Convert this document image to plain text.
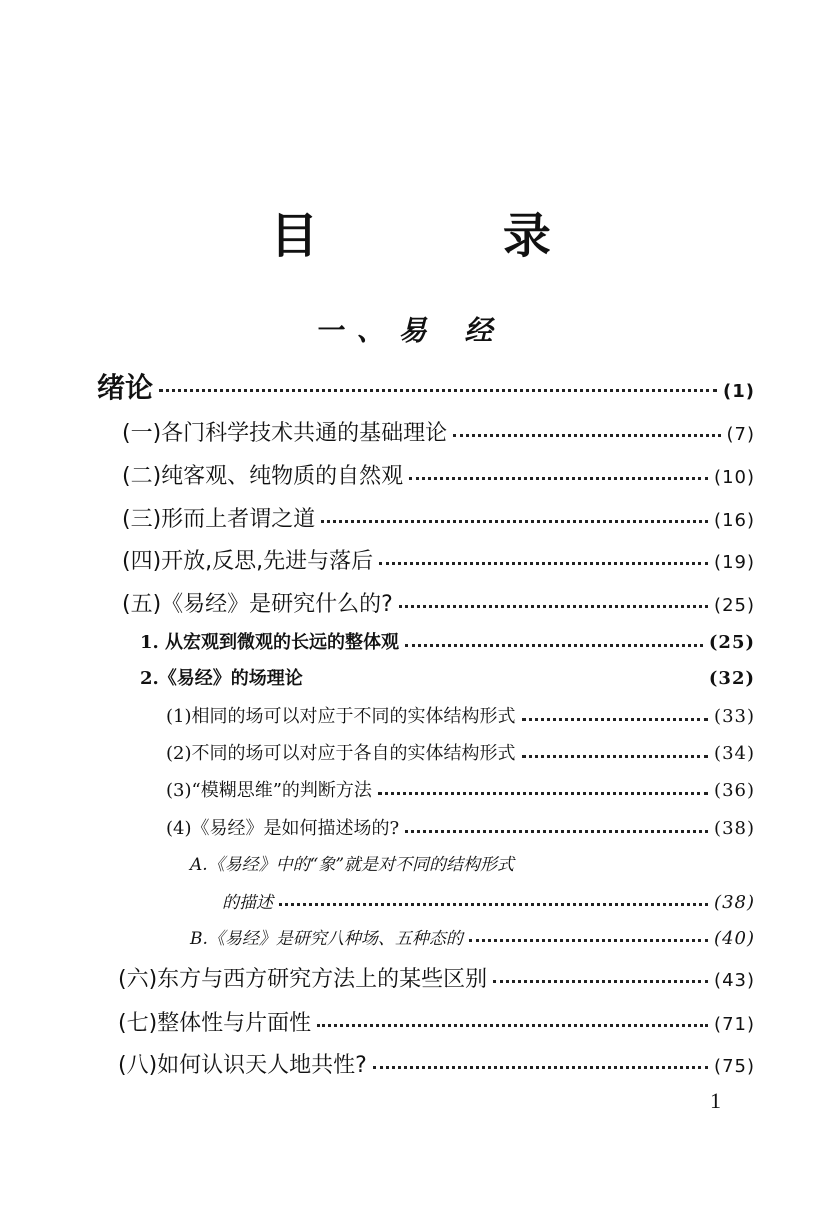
目 录
一、易 经
绪论	(1)
(一)各门科学技术共通的基础理论	(7)
(二)纯客观、纯物质的自然观	(10)
(三)形而上者谓之道	(16)
(四)开放,反思,先进与落后	(19)
(五)《易经》是研究什么的?	(25)
1. 从宏观到微观的长远的整体观	(25)
2.《易经》的场理论	(32)
(1)相同的场可以对应于不同的实体结构形式	(33)
(2)不同的场可以对应于各自的实体结构形式	(34)
(3)“模糊思维”的判断方法	(36)
(4)《易经》是如何描述场的?	(38)
A.《易经》中的“象”就是对不同的结构形式
的描述	(38)
B.《易经》是研究八种场、五种态的	(40)
(六)东方与西方研究方法上的某些区别	(43)
(七)整体性与片面性	(71)
(八)如何认识天人地共性?	(75)
1
